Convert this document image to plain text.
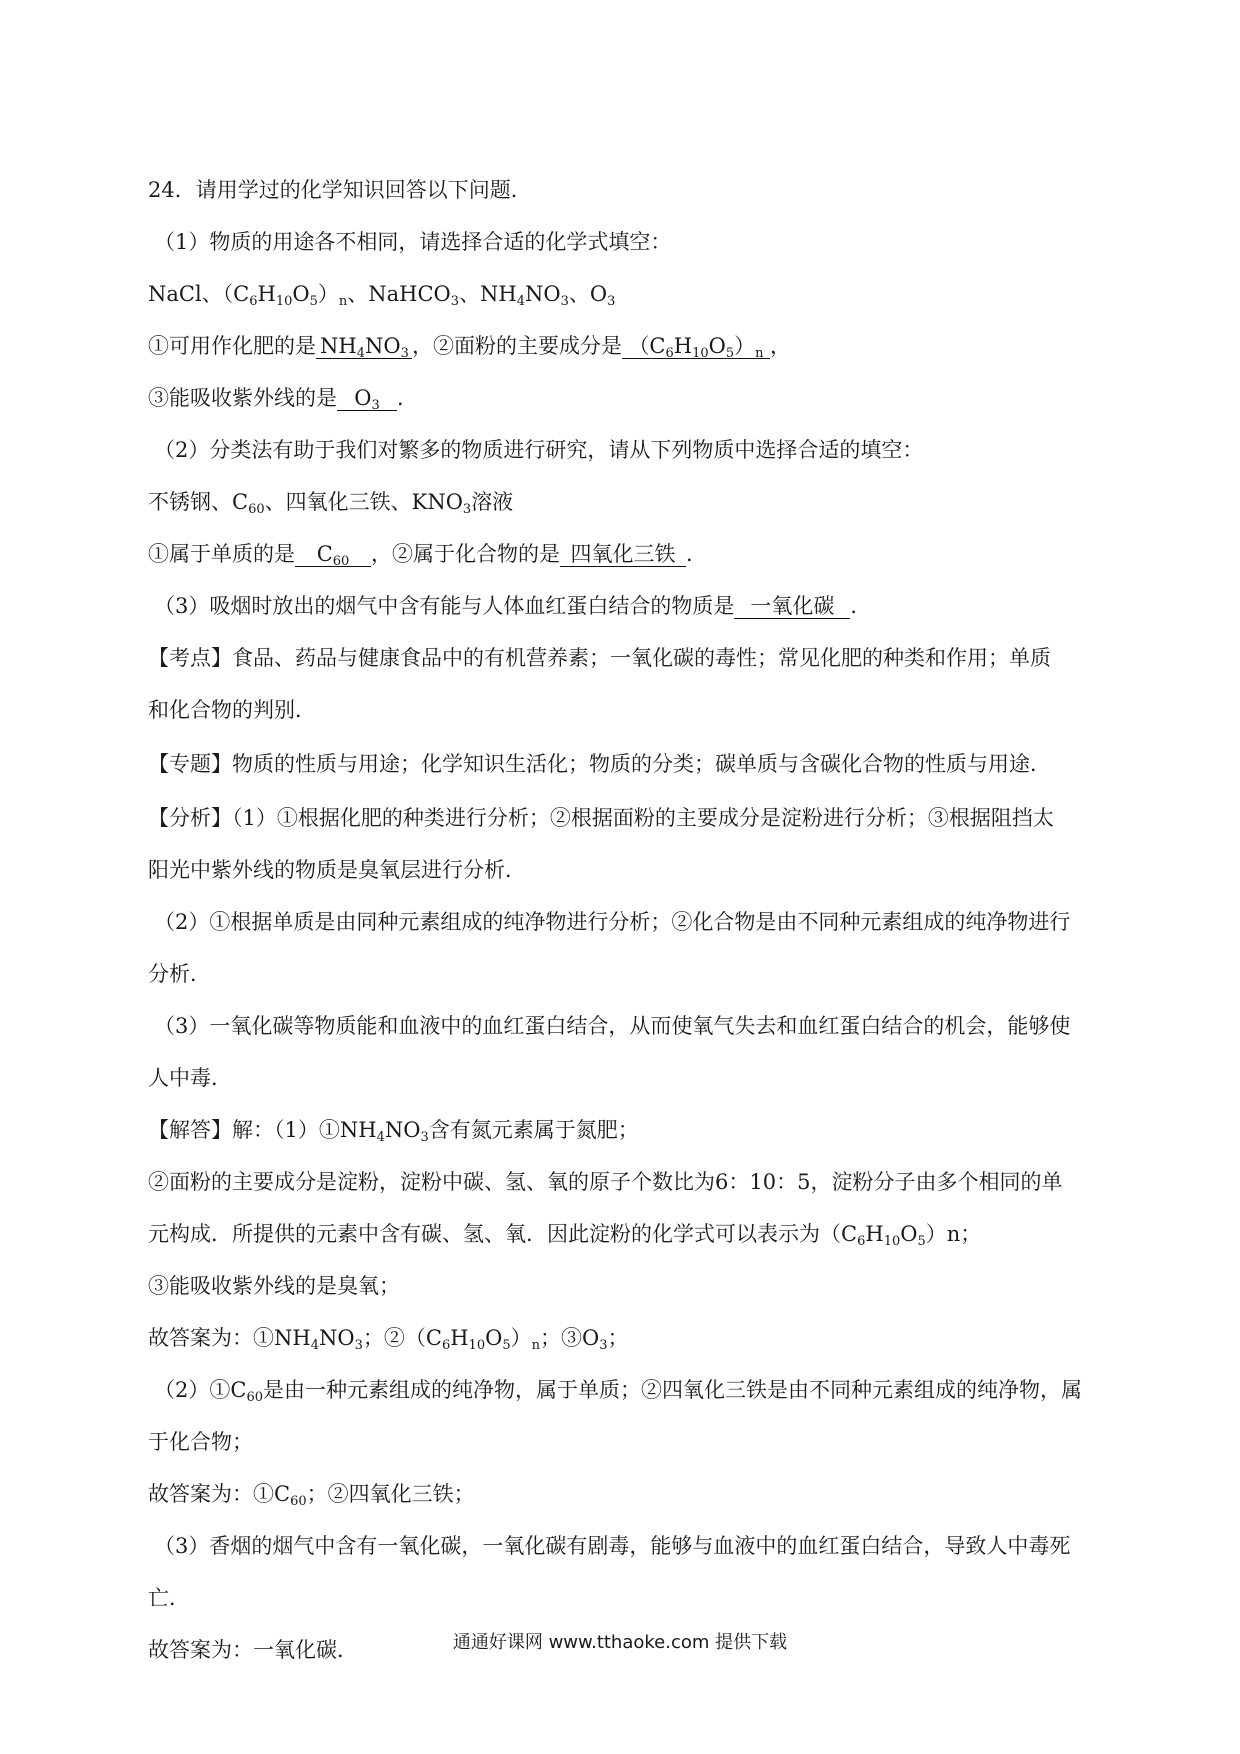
24．请用学过的化学知识回答以下问题．
（1）物质的用途各不相同，请选择合适的化学式填空：
NaCl、$(C_6H_{10}O_5)_n$、NaHCO$_3$、$NH_4NO_3$、$O_3$
①可用作化肥的是 $NH_4NO_3$ ，②面粉的主要成分是 $(C_6H_{10}O_5)_n$ ，
③能吸收紫外线的是 $O_3$ ．
（2）分类法有助于我们对繁多的物质进行研究，请从下列物质中选择合适的填空：
不锈钢、$C_{60}$、四氧化三铁、$KNO_3$溶液
①属于单质的是 $C_{60}$ ，②属于化合物的是 四氧化三铁 ．
（3）吸烟时放出的烟气中含有能与人体血红蛋白结合的物质是 一氧化碳 ．
【考点】食品、药品与健康食品中的有机营养素；一氧化碳的毒性；常见化肥的种类和作用；单质
和化合物的判别．
【专题】物质的性质与用途；化学知识生活化；物质的分类；碳单质与含碳化合物的性质与用途．
【分析】（1）①根据化肥的种类进行分析；②根据面粉的主要成分是淀粉进行分析；③根据阻挡太
阳光中紫外线的物质是臭氧层进行分析．
（2）①根据单质是由同种元素组成的纯净物进行分析；②化合物是由不同种元素组成的纯净物进行
分析．
（3）一氧化碳等物质能和血液中的血红蛋白结合，从而使氧气失去和血红蛋白结合的机会，能够使
人中毒．
【解答】解：$(1)①NH_4NO_3$含有氮元素属于氮肥；
②面粉的主要成分是淀粉，淀粉中碳、氢、氧的原子个数比为6：10：5，淀粉分子由多个相同的单
元构成．所提供的元素中含有碳、氢、氧．因此淀粉的化学式可以表示为$(C_6H_{10}O_5)n$；
③能吸收紫外线的是臭氧；
故答案为：$①NH_4NO_3$；$②(C_6H_{10}O_5)_n$；$③O_3$；
$(2)①C_{60}$是由一种元素组成的纯净物，属于单质；②四氧化三铁是由不同种元素组成的纯净物，属
于化合物；
故答案为：$①C_{60}$；②四氧化三铁；
（3）香烟的烟气中含有一氧化碳，一氧化碳有剧毒，能够与血液中的血红蛋白结合，导致人中毒死
亡．
故答案为：一氧化碳．	通通好课网 www.tthaoke.com 提供下载
